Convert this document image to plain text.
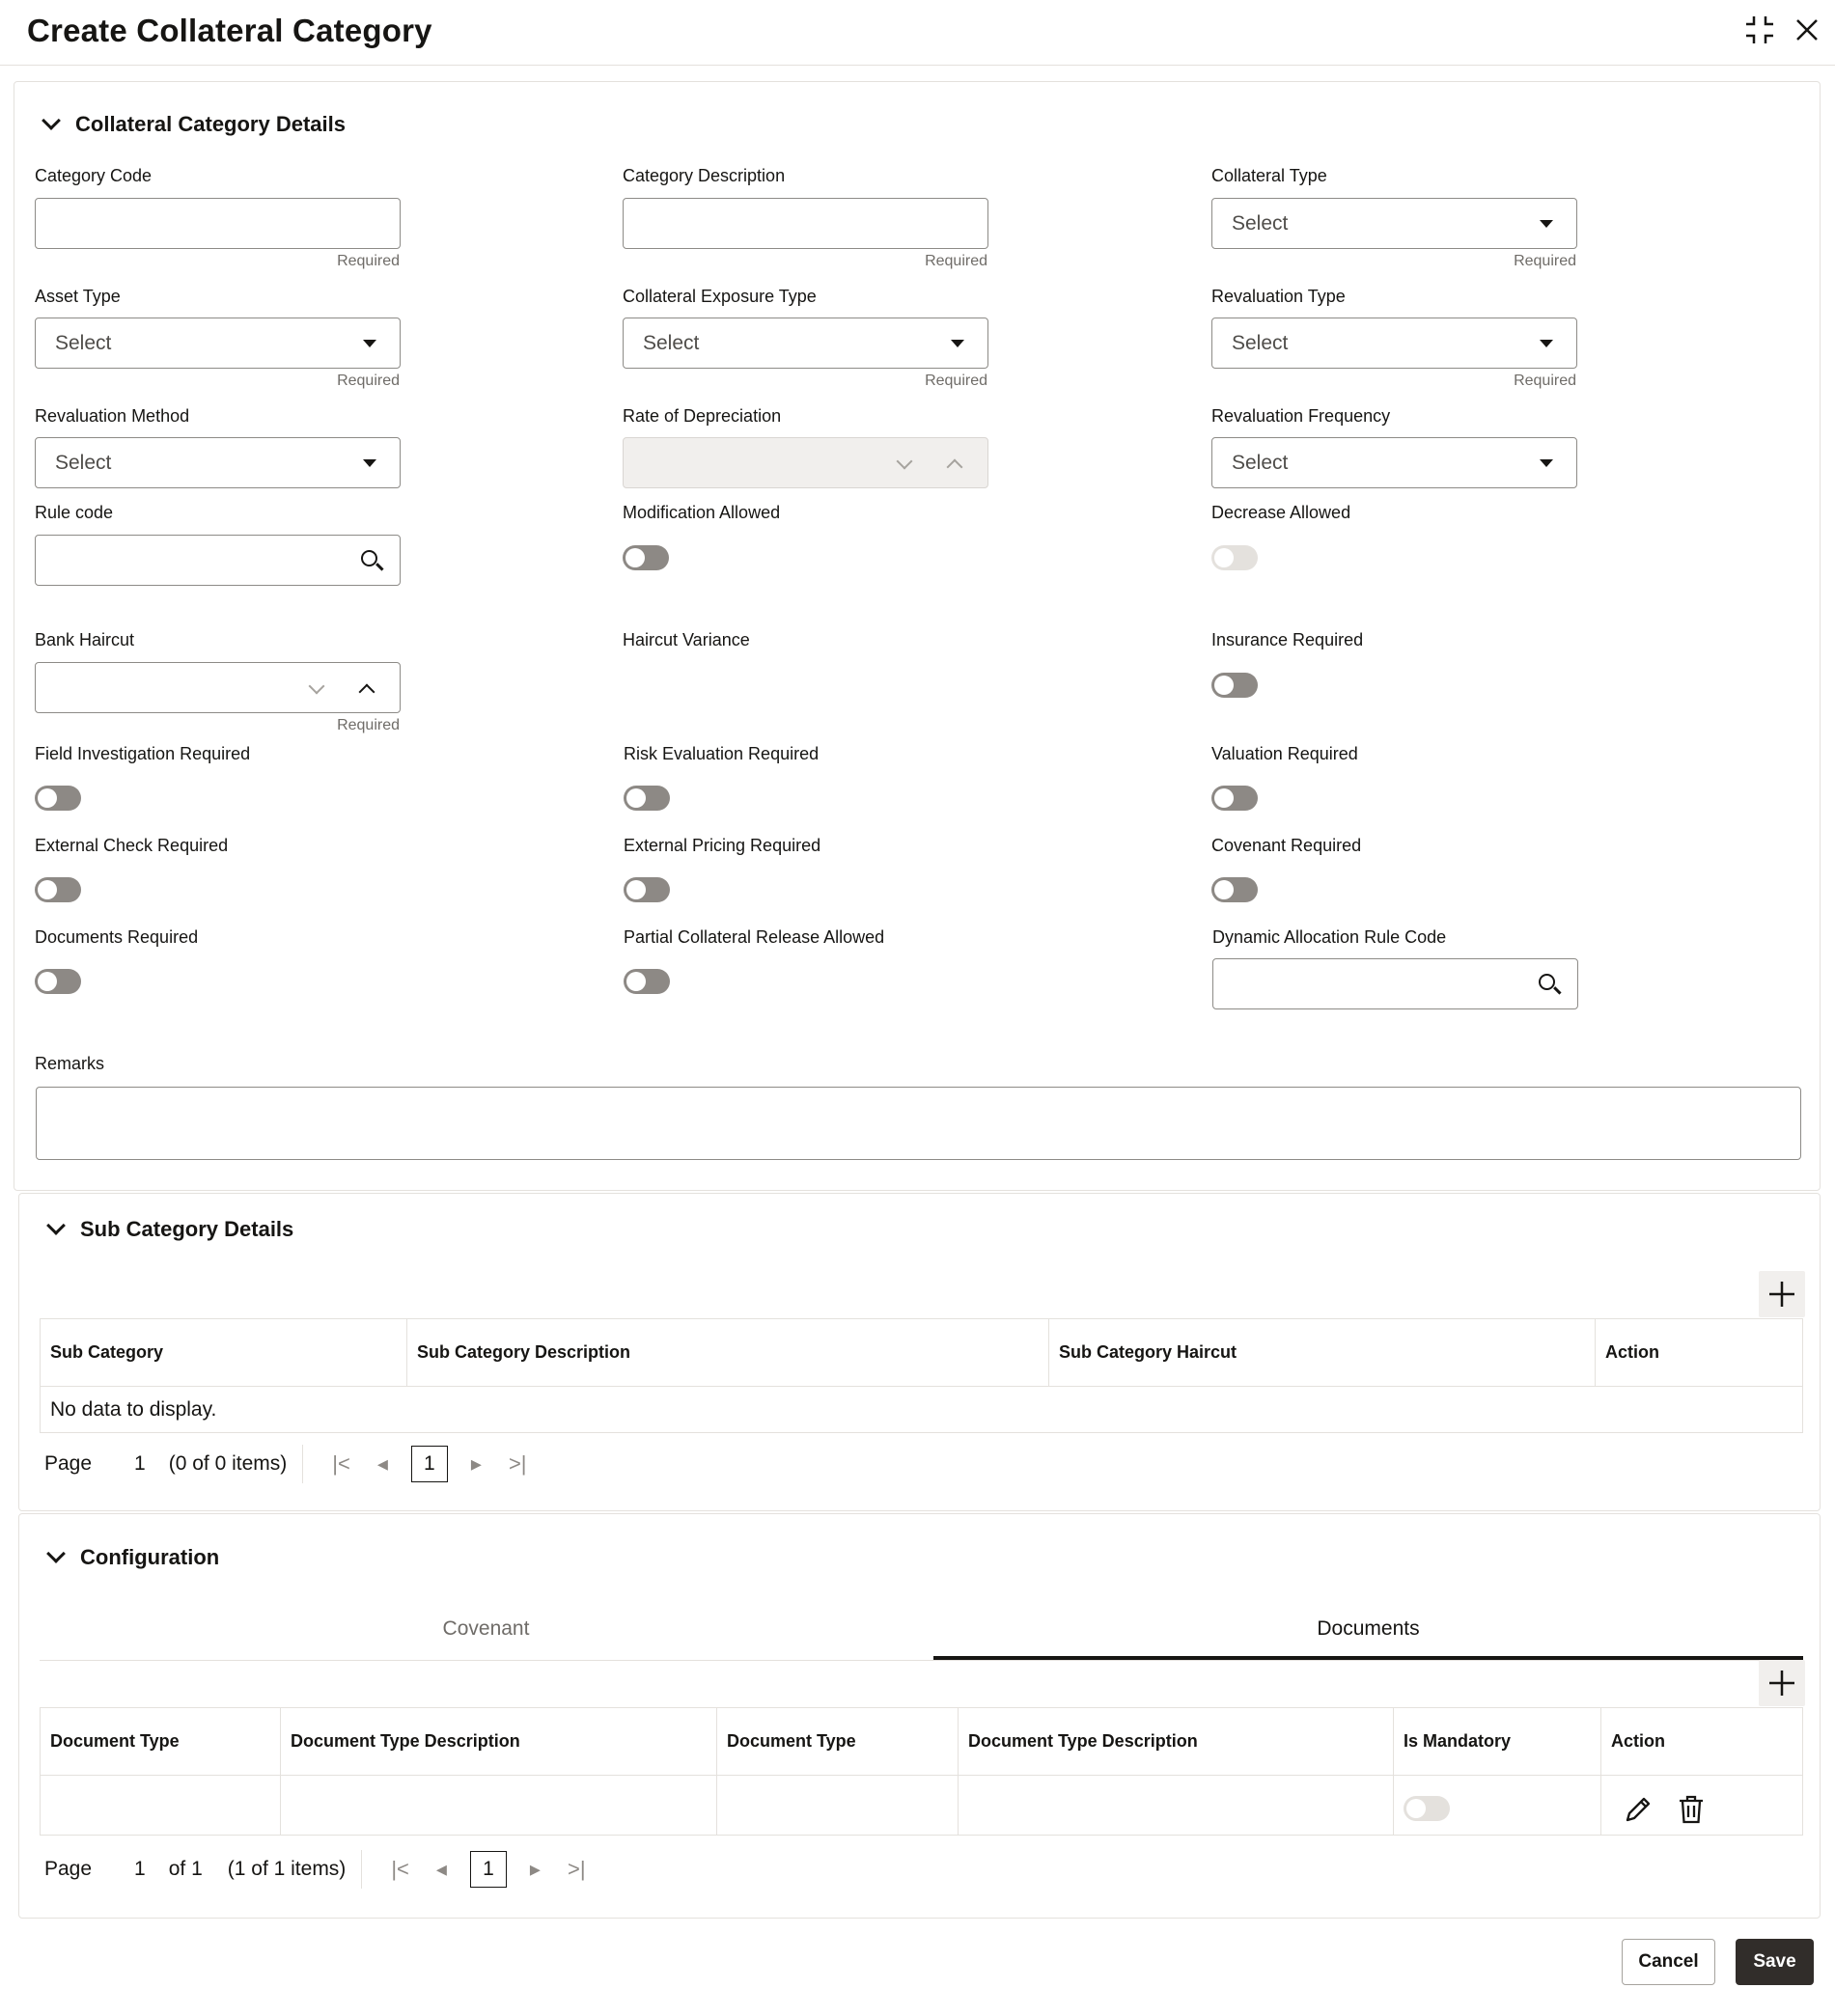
Create Collateral Category
Collateral Category Details
Category Code
Required
Category Description
Required
Collateral Type
Select
Required
Asset Type
Select
Required
Collateral Exposure Type
Select
Required
Revaluation Type
Select
Required
Revaluation Method
Select
Rate of Depreciation	Revaluation Frequency
Select
Rule code	Modification Allowed	Decrease Allowed
Bank Haircut
Required
Haircut Variance	Insurance Required
Field Investigation Required	Risk Evaluation Required	Valuation Required
External Check Required	External Pricing Required	Covenant Required
Documents Required	Partial Collateral Release Allowed	Dynamic Allocation Rule Code
Remarks
Sub Category Details
Sub Category	Sub Category Description	Sub Category Haircut	Action
No data to display.
Page 1 (0 of 0 items) |< ◂	1	▸ >|
Configuration
Covenant	Documents
Document Type	Document Type Description	Document Type	Document Type Description	Is Mandatory	Action

Page 1 of 1 (1 of 1 items) |< ◂	1	▸ >|
Cancel	Save
